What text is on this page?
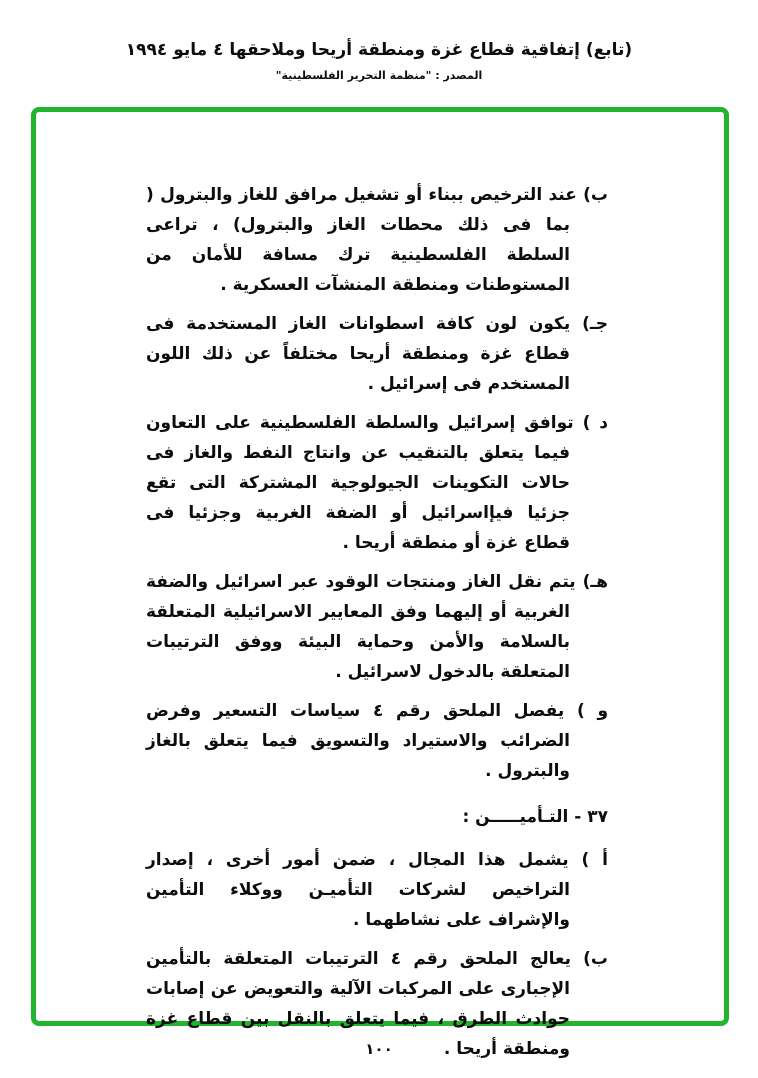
(تابع) إتفاقية قطاع غزة ومنطقة أريحا وملاحقها ٤ مايو ١٩٩٤
المصدر : "منظمة التحرير الفلسطينية"

ب) عند الترخيص ببناء أو تشغيل مرافق للغاز والبترول ( بما فى ذلك محطات الغاز والبترول) ، تراعى السلطة الفلسطينية ترك مسافة للأمان من المستوطنات ومنطقة المنشآت العسكرية .

جـ) يكون لون كافة اسطوانات الغاز المستخدمة فى قطاع غزة ومنطقة أريحا مختلفاً عن ذلك اللون المستخدم فى إسرائيل .

د ) توافق إسرائيل والسلطة الفلسطينية على التعاون فيما يتعلق بالتنقيب عن وانتاج النفط والغاز فى حالات التكوينات الجيولوجية المشتركة التى تقع جزئيا فيإاسرائيل أو الضفة الغربية وجزئيا فى قطاع غزة أو منطقة أريحا .

هـ) يتم نقل الغاز ومنتجات الوقود عبر اسرائيل والضفة الغربية أو إليهما وفق المعايير الاسرائيلية المتعلقة بالسلامة والأمن وحماية البيئة ووفق الترتيبات المتعلقة بالدخول لاسرائيل .

و ) يفصل الملحق رقم ٤ سياسات التسعير وفرض الضرائب والاستيراد والتسويق فيما يتعلق بالغاز والبترول .

٣٧ - التـأميـــــن :

أ ) يشمل هذا المجال ، ضمن أمور أخرى ، إصدار التراخيص لشركات التأميـن ووكلاء التأمين والإشراف على نشاطهما .

ب) يعالج الملحق رقم ٤ الترتيبات المتعلقة بالتأمين الإجبارى على المركبات الآلية والتعويض عن إصابات حوادث الطرق ، فيما يتعلق بالنقل بين قطاع غزة ومنطقة أريحا .

١٠٠
